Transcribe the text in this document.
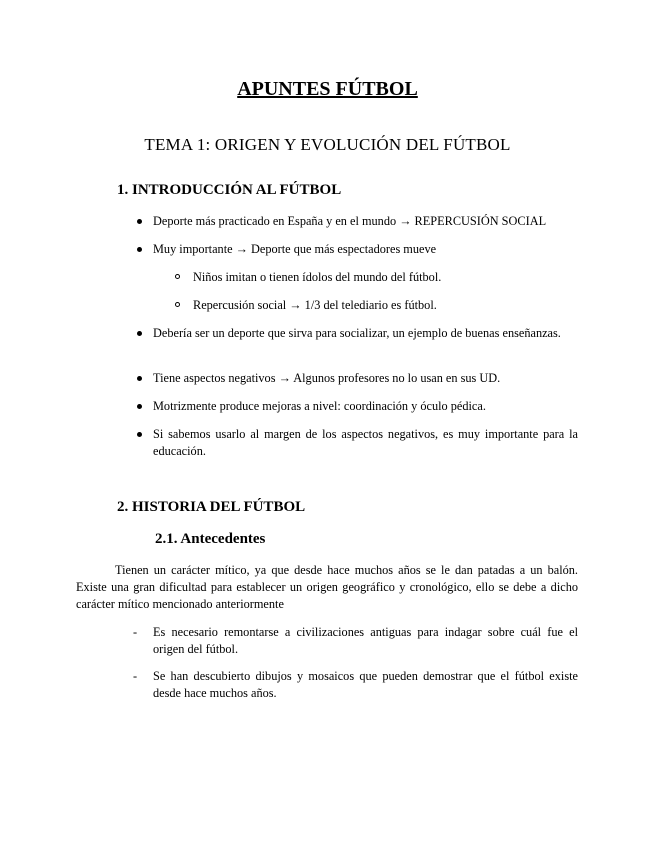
APUNTES FÚTBOL
TEMA 1: ORIGEN Y EVOLUCIÓN DEL FÚTBOL
1. INTRODUCCIÓN AL FÚTBOL
Deporte más practicado en España y en el mundo → REPERCUSIÓN SOCIAL
Muy importante → Deporte que más espectadores mueve
Niños imitan o tienen ídolos del mundo del fútbol.
Repercusión social → 1/3 del telediario es fútbol.
Debería ser un deporte que sirva para socializar, un ejemplo de buenas enseñanzas.
Tiene aspectos negativos → Algunos profesores no lo usan en sus UD.
Motrizmente produce mejoras a nivel: coordinación y óculo pédica.
Si sabemos usarlo al margen de los aspectos negativos, es muy importante para la educación.
2. HISTORIA DEL FÚTBOL
2.1. Antecedentes
Tienen un carácter mítico, ya que desde hace muchos años se le dan patadas a un balón. Existe una gran dificultad para establecer un origen geográfico y cronológico, ello se debe a dicho carácter mítico mencionado anteriormente
- Es necesario remontarse a civilizaciones antiguas para indagar sobre cuál fue el origen del fútbol.
- Se han descubierto dibujos y mosaicos que pueden demostrar que el fútbol existe desde hace muchos años.
